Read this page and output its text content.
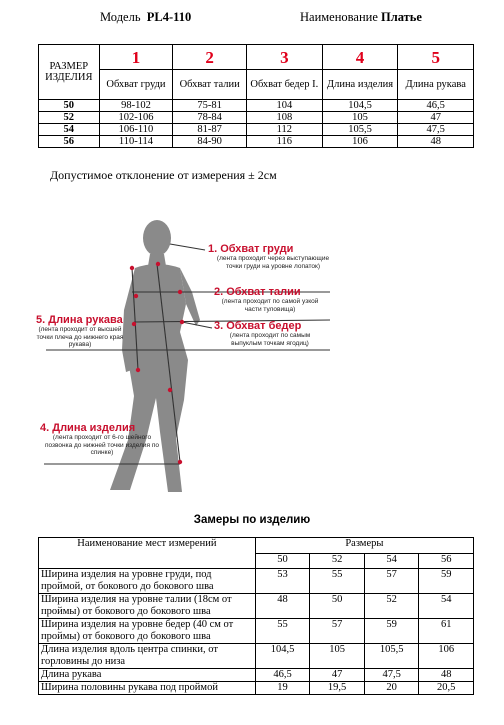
Модель PL4-110	Наименование Платье
РАЗМЕР ИЗДЕЛИЯ	1	2	3	4	5
	Обхват груди	Обхват талии	Обхват бедер I.	Длина изделия	Длина рукава
50	98-102	75-81	104	104,5	46,5
52	102-106	78-84	108	105	47
54	106-110	81-87	112	105,5	47,5
56	110-114	84-90	116	106	48
Допустимое отклонение от измерения ± 2см
1. Обхват груди
(лента проходит через выступающие точки груди на уровне лопаток)
2. Обхват талии
(лента проходит по самой узкой части туловища)
3. Обхват бедер
(лента проходит по самым выпуклым точкам ягодиц)
5. Длина рукава
(лента проходит от высшей точки плеча до нижнего края рукава)
4. Длина изделия
(лента проходит от 6-го шейного позвонка до нижней точки изделия по спинке)
Замеры по изделию
Наименование мест измерений	Размеры			
	50	52	54	56
Ширина изделия на уровне груди, под проймой, от бокового до бокового шва	53	55	57	59
Ширина изделия на уровне талии (18см от проймы) от бокового до бокового шва	48	50	52	54
Ширина изделия на уровне бедер (40 см от проймы) от бокового до бокового шва	55	57	59	61
Длина изделия вдоль центра спинки, от горловины до низа	104,5	105	105,5	106
Длина рукава	46,5	47	47,5	48
Ширина половины рукава под проймой	19	19,5	20	20,5
